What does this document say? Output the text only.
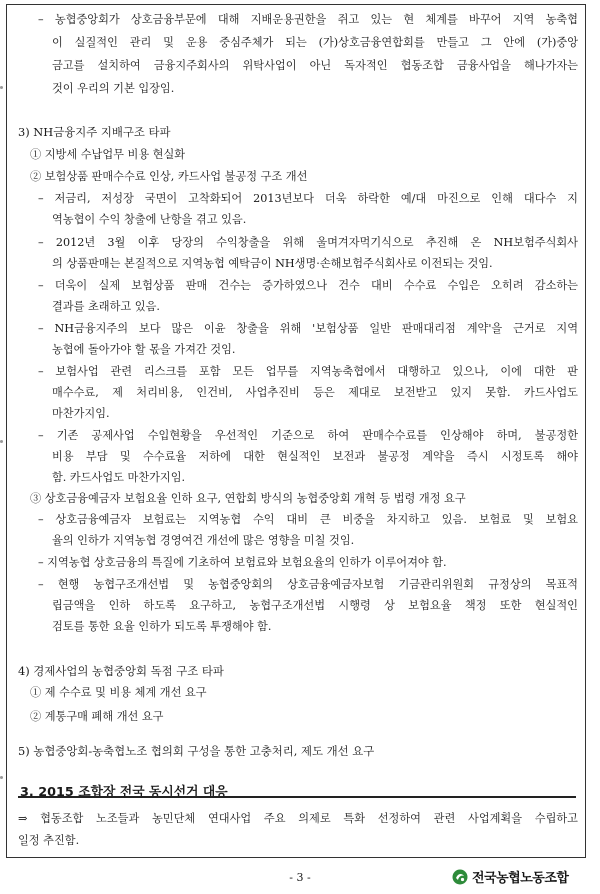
– 농협중앙회가 상호금융부문에 대해 지배운용권한을 쥐고 있는 현 체계를 바꾸어 지역 농축협
이 실질적인 관리 및 운용 중심주체가 되는 (가)상호금융연합회를 만들고 그 안에 (가)중앙
금고를 설치하여 금융지주회사의 위탁사업이 아닌 독자적인 협동조합 금융사업을 해나가자는
것이 우리의 기본 입장임.
3) NH금융지주 지배구조 타파
① 지방세 수납업무 비용 현실화
② 보험상품 판매수수료 인상, 카드사업 불공정 구조 개선
– 저금리, 저성장 국면이 고착화되어 2013년보다 더욱 하락한 예/대 마진으로 인해 대다수 지
역농협이 수익 창출에 난항을 겪고 있음.
– 2012년 3월 이후 당장의 수익창출을 위해 울며겨자먹기식으로 추진해 온 NH보험주식회사
의 상품판매는 본질적으로 지역농협 예탁금이 NH생명·손해보험주식회사로 이전되는 것임.
– 더욱이 실제 보험상품 판매 건수는 증가하였으나 건수 대비 수수료 수입은 오히려 감소하는
결과를 초래하고 있음.
– NH금융지주의 보다 많은 이윤 창출을 위해 '보험상품 일반 판매대리점 계약'을 근거로 지역
농협에 돌아가야 할 몫을 가져간 것임.
– 보험사업 관련 리스크를 포함 모든 업무를 지역농축협에서 대행하고 있으나, 이에 대한 판
매수수료, 제 처리비용, 인건비, 사업추진비 등은 제대로 보전받고 있지 못함. 카드사업도
마찬가지임.
– 기존 공제사업 수입현황을 우선적인 기준으로 하여 판매수수료를 인상해야 하며, 불공정한
비용 부담 및 수수료율 저하에 대한 현실적인 보전과 불공정 계약을 즉시 시정토록 해야
함. 카드사업도 마찬가지임.
③ 상호금융예금자 보험요율 인하 요구, 연합회 방식의 농협중앙회 개혁 등 법령 개정 요구
– 상호금융예금자 보험료는 지역농협 수익 대비 큰 비중을 차지하고 있음. 보험료 및 보험요
율의 인하가 지역농협 경영여건 개선에 많은 영향을 미칠 것임.
– 지역농협 상호금융의 특질에 기초하여 보험료와 보험요율의 인하가 이루어져야 함.
– 현행 농협구조개선법 및 농협중앙회의 상호금융예금자보험 기금관리위원회 규정상의 목표적
립금액을 인하 하도록 요구하고, 농협구조개선법 시행령 상 보험요율 책정 또한 현실적인
검토를 통한 요율 인하가 되도록 투쟁해야 함.
4) 경제사업의 농협중앙회 독점 구조 타파
① 제 수수료 및 비용 체계 개선 요구
② 계통구매 폐해 개선 요구
5) 농협중앙회-농축협노조 협의회 구성을 통한 고충처리, 제도 개선 요구
3. 2015 조합장 전국 동시선거 대응
⇒ 협동조합 노조들과 농민단체 연대사업 주요 의제로 특화 선정하여 관련 사업계획을 수립하고
일정 추진함.
- 3 -	전국농협노동조합
